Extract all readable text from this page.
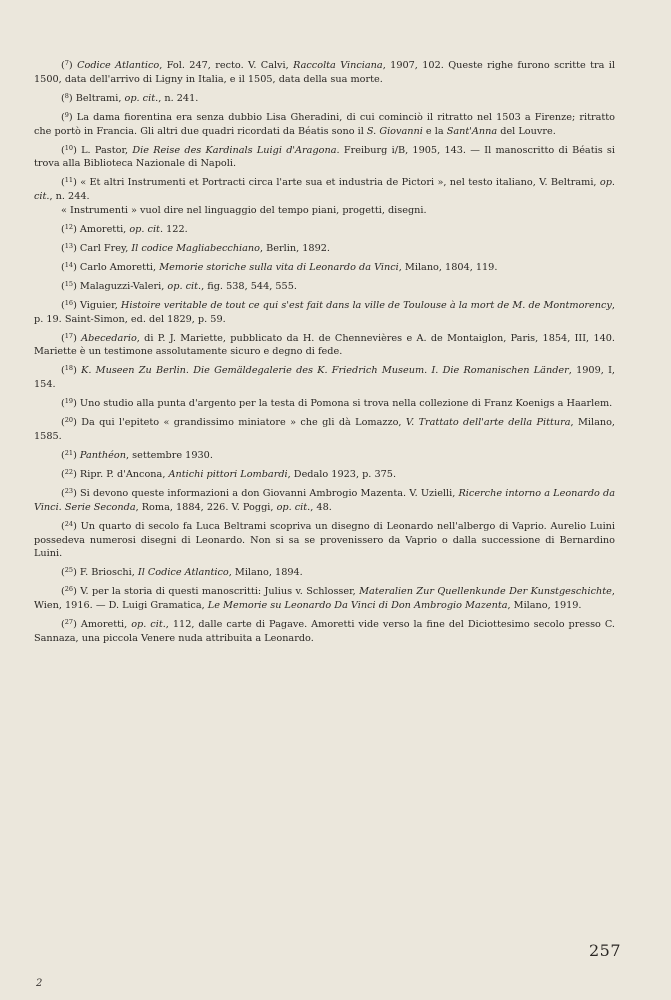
($^7$) Codice Atlantico, Fol. 247, recto. V. Calvi, Raccolta Vinciana, 1907, 102. Queste righe furono scritte tra il 1500, data dell'arrivo di Ligny in Italia, e il 1505, data della sua morte.

($^8$) Beltrami, op. cit., n. 241.

($^9$) La dama fiorentina era senza dubbio Lisa Gheradini, di cui cominciò il ritratto nel 1503 a Firenze; ritratto che portò in Francia. Gli altri due quadri ricordati da Béatis sono il S. Giovanni e la Sant'Anna del Louvre.

($^{10}$) L. Pastor, Die Reise des Kardinals Luigi d'Aragona. Freiburg i/B, 1905, 143. — Il manoscritto di Béatis si trova alla Biblioteca Nazionale di Napoli.

($^{11}$) « Et altri Instrumenti et Portracti circa l'arte sua et industria de Pictori », nel testo italiano, V. Beltrami, op. cit., n. 244.

« Instrumenti » vuol dire nel linguaggio del tempo piani, progetti, disegni.

($^{12}$) Amoretti, op. cit. 122.

($^{13}$) Carl Frey, Il codice Magliabecchiano, Berlin, 1892.

($^{14}$) Carlo Amoretti, Memorie storiche sulla vita di Leonardo da Vinci, Milano, 1804, 119.

($^{15}$) Malaguzzi-Valeri, op. cit., fig. 538, 544, 555.

($^{16}$) Viguier, Histoire veritable de tout ce qui s'est fait dans la ville de Toulouse à la mort de M. de Montmorency, p. 19. Saint-Simon, ed. del 1829, p. 59.

($^{17}$) Abecedario, di P. J. Mariette, pubblicato da H. de Chennevières e A. de Montaiglon, Paris, 1854, III, 140. Mariette è un testimone assolutamente sicuro e degno di fede.

($^{18}$) K. Museen Zu Berlin. Die Gemäldegalerie des K. Friedrich Museum. I. Die Romanischen Länder, 1909, I, 154.

($^{19}$) Uno studio alla punta d'argento per la testa di Pomona si trova nella collezione di Franz Koenigs a Haarlem.

($^{20}$) Da qui l'epiteto « grandissimo miniatore » che gli dà Lomazzo, V. Trattato dell'arte della Pittura, Milano, 1585.

($^{21}$) Panthéon, settembre 1930.

($^{22}$) Ripr. P. d'Ancona, Antichi pittori Lombardi, Dedalo 1923, p. 375.

($^{23}$) Si devono queste informazioni a don Giovanni Ambrogio Mazenta. V. Uzielli, Ricerche intorno a Leonardo da Vinci. Serie Seconda, Roma, 1884, 226. V. Poggi, op. cit., 48.

($^{24}$) Un quarto di secolo fa Luca Beltrami scopriva un disegno di Leonardo nell'albergo di Vaprio. Aurelio Luini possedeva numerosi disegni di Leonardo. Non si sa se provenissero da Vaprio o dalla successione di Bernardino Luini.

($^{25}$) F. Brioschi, Il Codice Atlantico, Milano, 1894.

($^{26}$) V. per la storia di questi manoscritti: Julius v. Schlosser, Materalien Zur Quellenkunde Der Kunstgeschichte, Wien, 1916. — D. Luigi Gramatica, Le Memorie su Leonardo Da Vinci di Don Ambrogio Mazenta, Milano, 1919.

($^{27}$) Amoretti, op. cit., 112, dalle carte di Pagave. Amoretti vide verso la fine del Diciottesimo secolo presso C. Sannaza, una piccola Venere nuda attribuita a Leonardo.

257
2
